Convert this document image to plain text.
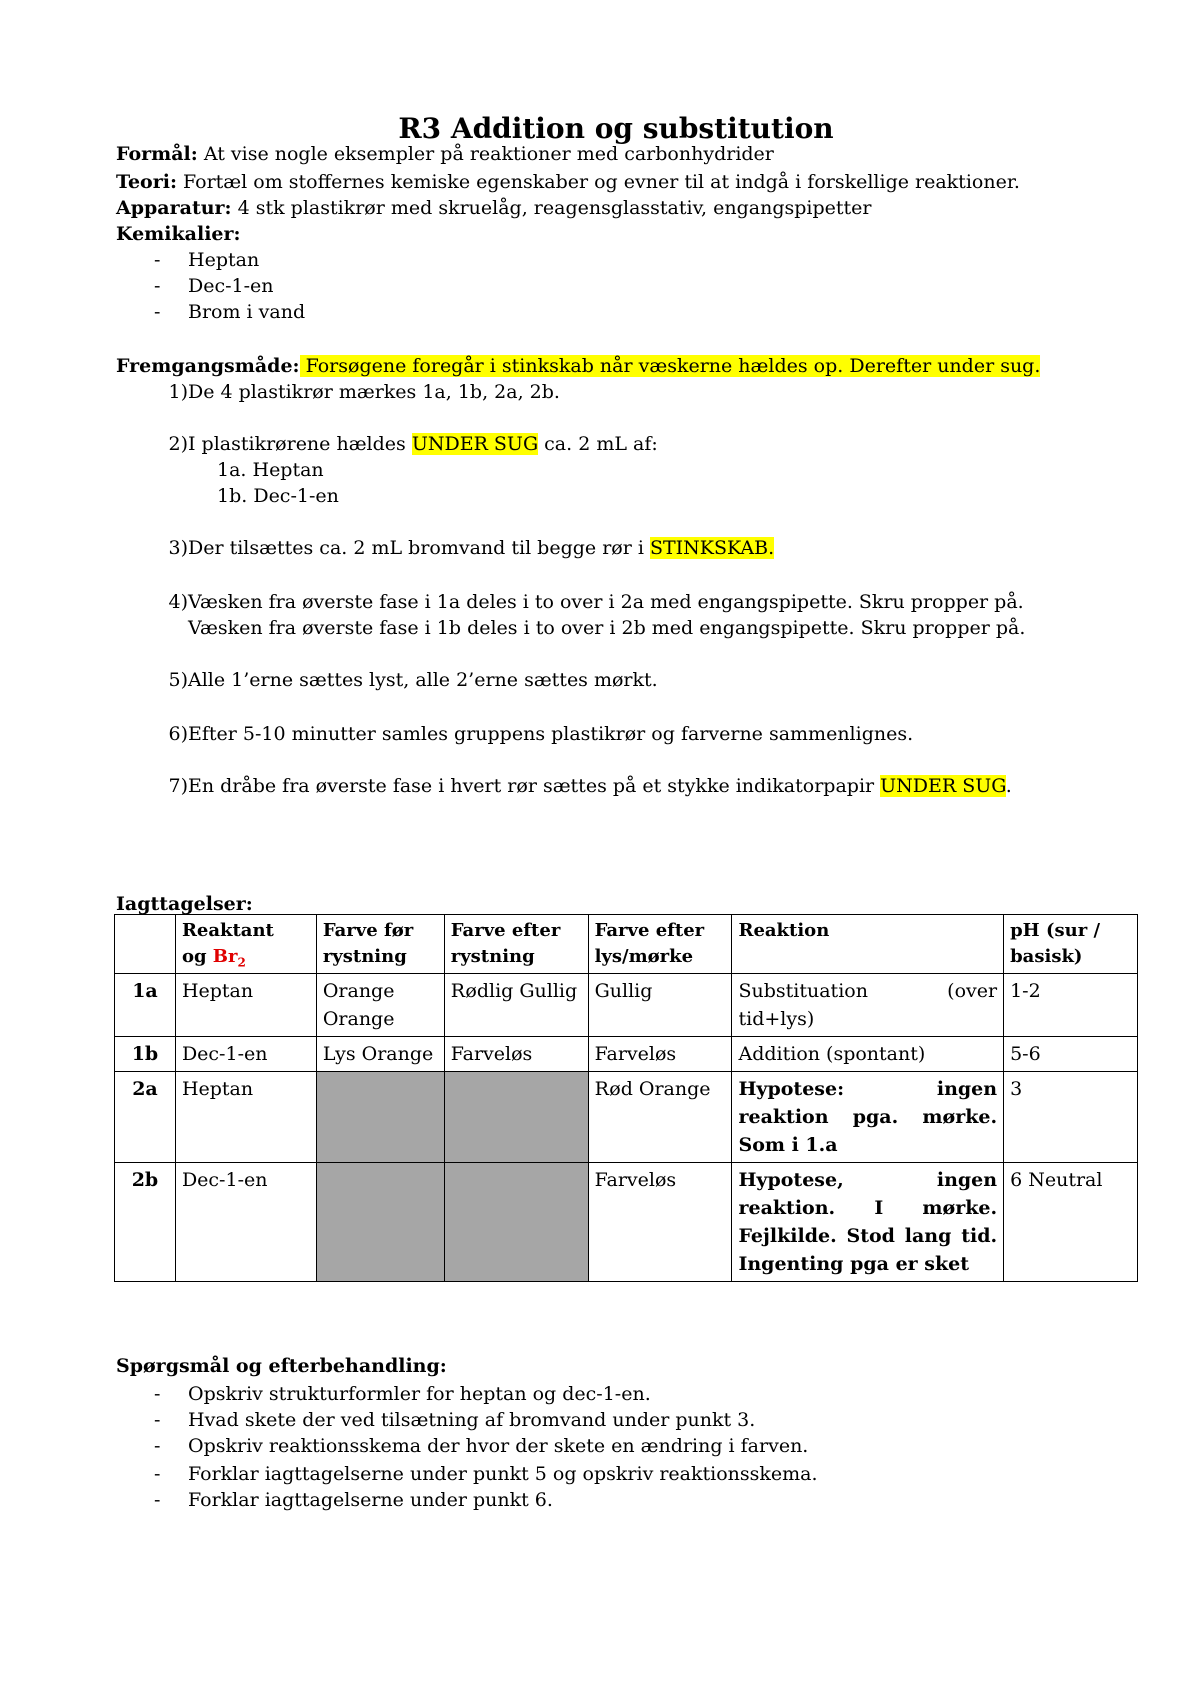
R3 Addition og substitution
Formål: At vise nogle eksempler på reaktioner med carbonhydrider
Teori: Fortæl om stoffernes kemiske egenskaber og evner til at indgå i forskellige reaktioner.
Apparatur: 4 stk plastikrør med skruelåg, reagensglasstativ, engangspipetter
Kemikalier:
- Heptan
- Dec-1-en
- Brom i vand
Fremgangsmåde: Forsøgene foregår i stinkskab når væskerne hældes op. Derefter under sug.
1) De 4 plastikrør mærkes 1a, 1b, 2a, 2b.
2) I plastikrørene hældes UNDER SUG ca. 2 mL af:
1a. Heptan
1b. Dec-1-en
3) Der tilsættes ca. 2 mL bromvand til begge rør i STINKSKAB.
4) Væsken fra øverste fase i 1a deles i to over i 2a med engangspipette. Skru propper på.
Væsken fra øverste fase i 1b deles i to over i 2b med engangspipette. Skru propper på.
5) Alle 1’erne sættes lyst, alle 2’erne sættes mørkt.
6) Efter 5-10 minutter samles gruppens plastikrør og farverne sammenlignes.
7) En dråbe fra øverste fase i hvert rør sættes på et stykke indikatorpapir UNDER SUG.
Iagttagelser:
	Reaktant
og $Br_2$	Farve før rystning	Farve efter rystning	Farve efter lys/mørke	Reaktion	pH (sur / basisk)
1a	Heptan	Orange Orange	Rødlig Gullig	Gullig	Substituation (over tid+lys)	1-2
1b	Dec-1-en	Lys Orange	Farveløs	Farveløs	Addition (spontant)	5-6
2a	Heptan			Rød Orange	Hypotese: ingen reaktion pga. mørke. Som i 1.a	3
2b	Dec-1-en			Farveløs	Hypotese, ingen reaktion. I mørke. Fejlkilde. Stod lang tid. Ingenting pga er sket	6 Neutral
Spørgsmål og efterbehandling:
- Opskriv strukturformler for heptan og dec-1-en.
- Hvad skete der ved tilsætning af bromvand under punkt 3.
- Opskriv reaktionsskema der hvor der skete en ændring i farven.
- Forklar iagttagelserne under punkt 5 og opskriv reaktionsskema.
- Forklar iagttagelserne under punkt 6.
